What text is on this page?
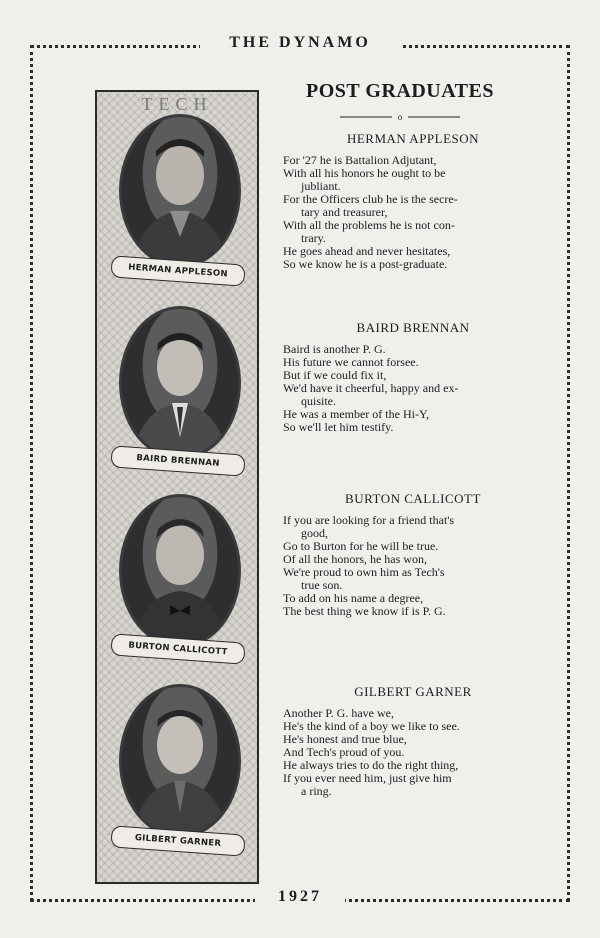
THE DYNAMO
1927
TECH
HERMAN APPLESON
BAIRD BRENNAN
BURTON CALLICOTT
GILBERT GARNER
POST GRADUATES
o
HERMAN APPLESON
For '27 he is Battalion Adjutant,
With all his honors he ought to be
jubliant.
For the Officers club he is the secre-
tary and treasurer,
With all the problems he is not con-
trary.
He goes ahead and never hesitates,
So we know he is a post-graduate.
BAIRD BRENNAN
Baird is another P. G.
His future we cannot forsee.
But if we could fix it,
We'd have it cheerful, happy and ex-
quisite.
He was a member of the Hi-Y,
So we'll let him testify.
BURTON CALLICOTT
If you are looking for a friend that's
good,
Go to Burton for he will be true.
Of all the honors, he has won,
We're proud to own him as Tech's
true son.
To add on his name a degree,
The best thing we know if is P. G.
GILBERT GARNER
Another P. G. have we,
He's the kind of a boy we like to see.
He's honest and true blue,
And Tech's proud of you.
He always tries to do the right thing,
If you ever need him, just give him
a ring.
